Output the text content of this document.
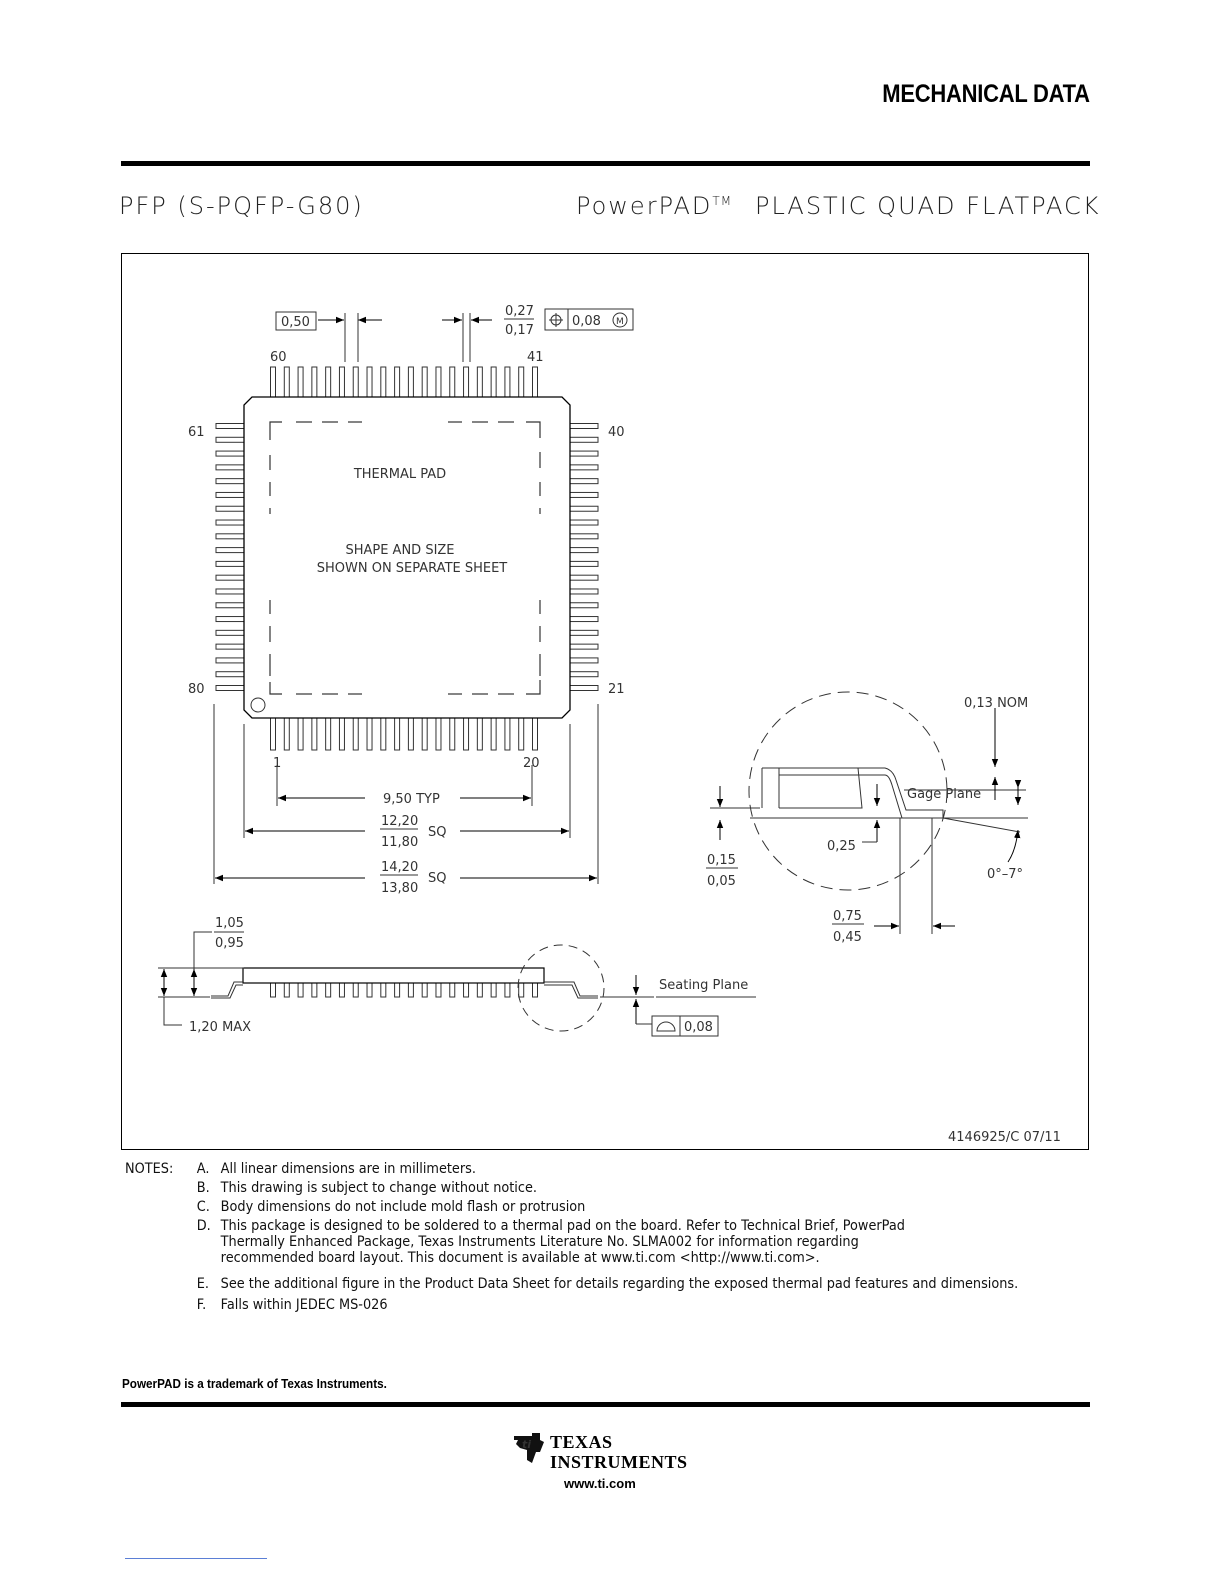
MECHANICAL DATA
PFP (S-PQFP-G80)	PowerPAD™ PLASTIC QUAD FLATPACK
THERMAL PAD
SHAPE AND SIZE
SHOWN ON SEPARATE SHEET
60	41
61	40
80	21
1	20
0,50
0,27
0,17
0,08 M
9,50 TYP
12,20
11,80
SQ
14,20
13,80
SQ
1,05
0,95
1,20 MAX
Seating Plane
0,08
Gage Plane
0,13 NOM
0,25
0,15
0,05	0°–7°
0,75
0,45
4146925/C 07/11
NOTES: A. All linear dimensions are in millimeters.
B. This drawing is subject to change without notice.
C. Body dimensions do not include mold flash or protrusion
D. This package is designed to be soldered to a thermal pad on the board. Refer to Technical Brief, PowerPad
Thermally Enhanced Package, Texas Instruments Literature No. SLMA002 for information regarding
recommended board layout. This document is available at www.ti.com <http://www.ti.com>.
E. See the additional figure in the Product Data Sheet for details regarding the exposed thermal pad features and dimensions.
F. Falls within JEDEC MS-026
PowerPAD is a trademark of Texas Instruments.
ti TEXAS
INSTRUMENTS
www.ti.com
